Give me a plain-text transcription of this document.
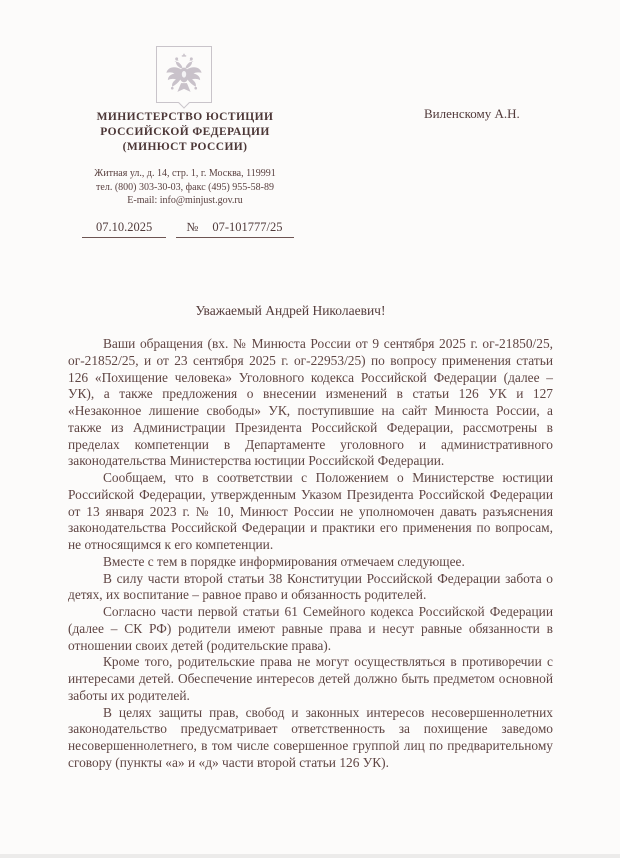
МИНИСТЕРСТВО ЮСТИЦИИ
РОССИЙСКОЙ ФЕДЕРАЦИИ
(МИНЮСТ РОССИИ)
Житная ул., д. 14, стр. 1, г. Москва, 119991
тел. (800) 303-30-03, факс (495) 955-58-89
E-mail: info@minjust.gov.ru
07.10.2025	№ 07-101777/25
Виленскому А.Н.
Уважаемый Андрей Николаевич!

Ваши обращения (вх. № Минюста России от 9 сентября 2025 г. ог-21850/25, ог-21852/25, и от 23 сентября 2025 г. ог-22953/25) по вопросу применения статьи 126 «Похищение человека» Уголовного кодекса Российской Федерации (далее – УК), а также предложения о внесении изменений в статьи 126 УК и 127 «Незаконное лишение свободы» УК, поступившие на сайт Минюста России, а также из Администрации Президента Российской Федерации, рассмотрены в пределах компетенции в Департаменте уголовного и административного законодательства Министерства юстиции Российской Федерации.

Сообщаем, что в соответствии с Положением о Министерстве юстиции Российской Федерации, утвержденным Указом Президента Российской Федерации от 13 января 2023 г. № 10, Минюст России не уполномочен давать разъяснения законодательства Российской Федерации и практики его применения по вопросам, не относящимся к его компетенции.

Вместе с тем в порядке информирования отмечаем следующее.

В силу части второй статьи 38 Конституции Российской Федерации забота о детях, их воспитание – равное право и обязанность родителей.

Согласно части первой статьи 61 Семейного кодекса Российской Федерации (далее – СК РФ) родители имеют равные права и несут равные обязанности в отношении своих детей (родительские права).

Кроме того, родительские права не могут осуществляться в противоречии с интересами детей. Обеспечение интересов детей должно быть предметом основной заботы их родителей.

В целях защиты прав, свобод и законных интересов несовершеннолетних законодательство предусматривает ответственность за похищение заведомо несовершеннолетнего, в том числе совершенное группой лиц по предварительному сговору (пункты «а» и «д» части второй статьи 126 УК).
